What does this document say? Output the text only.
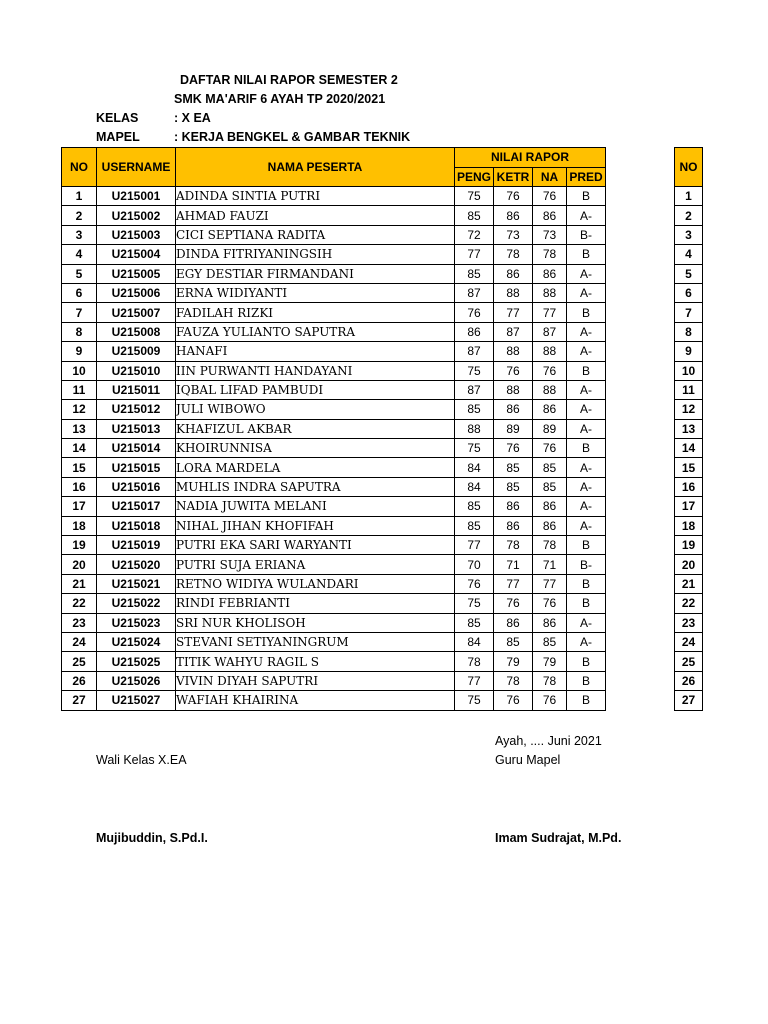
DAFTAR NILAI RAPOR SEMESTER 2
SMK MA'ARIF 6 AYAH TP 2020/2021
KELAS	: X EA
MAPEL	: KERJA BENGKEL & GAMBAR TEKNIK
NO	USERNAME	NAMA PESERTA	NILAI RAPOR			
			PENG	KETR	NA	PRED
1	U215001	ADINDA SINTIA PUTRI	75	76	76	B
2	U215002	AHMAD FAUZI	85	86	86	A-
3	U215003	CICI SEPTIANA RADITA	72	73	73	B-
4	U215004	DINDA FITRIYANINGSIH	77	78	78	B
5	U215005	EGY DESTIAR FIRMANDANI	85	86	86	A-
6	U215006	ERNA WIDIYANTI	87	88	88	A-
7	U215007	FADILAH RIZKI	76	77	77	B
8	U215008	FAUZA YULIANTO SAPUTRA	86	87	87	A-
9	U215009	HANAFI	87	88	88	A-
10	U215010	IIN PURWANTI HANDAYANI	75	76	76	B
11	U215011	IQBAL LIFAD PAMBUDI	87	88	88	A-
12	U215012	JULI WIBOWO	85	86	86	A-
13	U215013	KHAFIZUL AKBAR	88	89	89	A-
14	U215014	KHOIRUNNISA	75	76	76	B
15	U215015	LORA MARDELA	84	85	85	A-
16	U215016	MUHLIS INDRA SAPUTRA	84	85	85	A-
17	U215017	NADIA JUWITA MELANI	85	86	86	A-
18	U215018	NIHAL JIHAN KHOFIFAH	85	86	86	A-
19	U215019	PUTRI EKA SARI WARYANTI	77	78	78	B
20	U215020	PUTRI SUJA ERIANA	70	71	71	B-
21	U215021	RETNO WIDIYA WULANDARI	76	77	77	B
22	U215022	RINDI FEBRIANTI	75	76	76	B
23	U215023	SRI NUR KHOLISOH	85	86	86	A-
24	U215024	STEVANI SETIYANINGRUM	84	85	85	A-
25	U215025	TITIK WAHYU RAGIL S	78	79	79	B
26	U215026	VIVIN DIYAH SAPUTRI	77	78	78	B
27	U215027	WAFIAH KHAIRINA	75	76	76	B
NO
1
2
3
4
5
6
7
8
9
10
11
12
13
14
15
16
17
18
19
20
21
22
23
24
25
26
27
Ayah, .... Juni 2021
Wali Kelas X.EA	Guru Mapel
Mujibuddin, S.Pd.I.	Imam Sudrajat, M.Pd.
